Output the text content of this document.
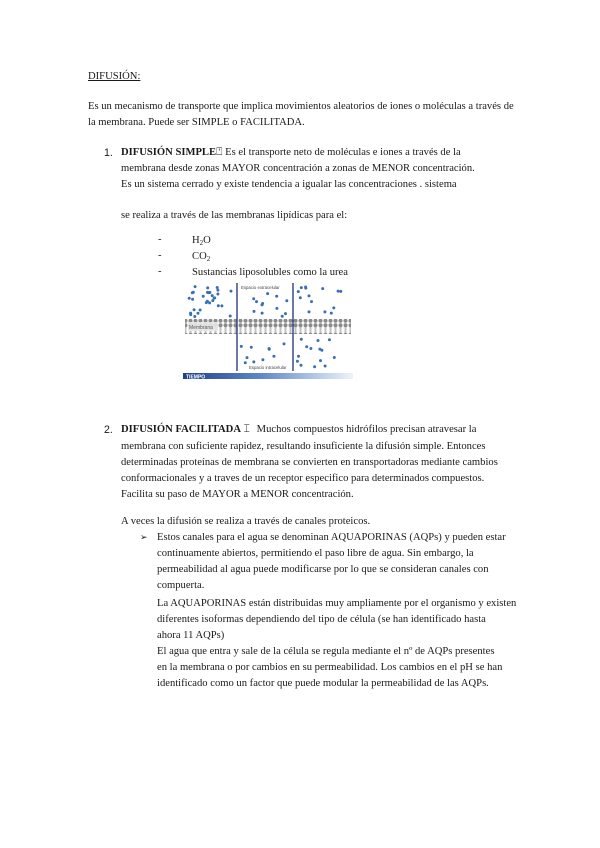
DIFUSIÓN:
Es un mecanismo de transporte que implica movimientos aleatorios de iones o moléculas a través de
la membrana. Puede ser SIMPLE o FACILITADA.
1. DIFUSIÓN SIMPLE⍞ Es el transporte neto de moléculas e iones a través de la
membrana desde zonas MAYOR concentración a zonas de MENOR concentración.
Es un sistema cerrado y existe tendencia a igualar las concentraciones . sistema
se realiza a través de las membranas lipídicas para el:
-	$H_2O$
-	$CO_2$
-	Sustancias liposolubles como la urea
Membrana
Espacio extracelular
Espacio intracelular
TIEMPO
2. DIFUSIÓN FACILITADA ⌶ Muchos compuestos hidrófilos precisan atravesar la
membrana con suficiente rapidez, resultando insuficiente la difusión simple. Entonces
determinadas proteínas de membrana se convierten en transportadoras mediante cambios
conformacionales y a traves de un receptor especifico para determinados compuestos.
Facilita su paso de MAYOR a MENOR concentración.
A veces la difusión se realiza a través de canales proteicos.
➢ Estos canales para el agua se denominan AQUAPORINAS (AQPs) y pueden estar
continuamente abiertos, permitiendo el paso libre de agua. Sin embargo, la
permeabilidad al agua puede modificarse por lo que se consideran canales con
compuerta.
La AQUAPORINAS están distribuidas muy ampliamente por el organismo y existen
diferentes isoformas dependiendo del tipo de célula (se han identificado hasta
ahora 11 AQPs)
El agua que entra y sale de la célula se regula mediante el nº de AQPs presentes
en la membrana o por cambios en su permeabilidad. Los cambios en el pH se han
identificado como un factor que puede modular la permeabilidad de las AQPs.
